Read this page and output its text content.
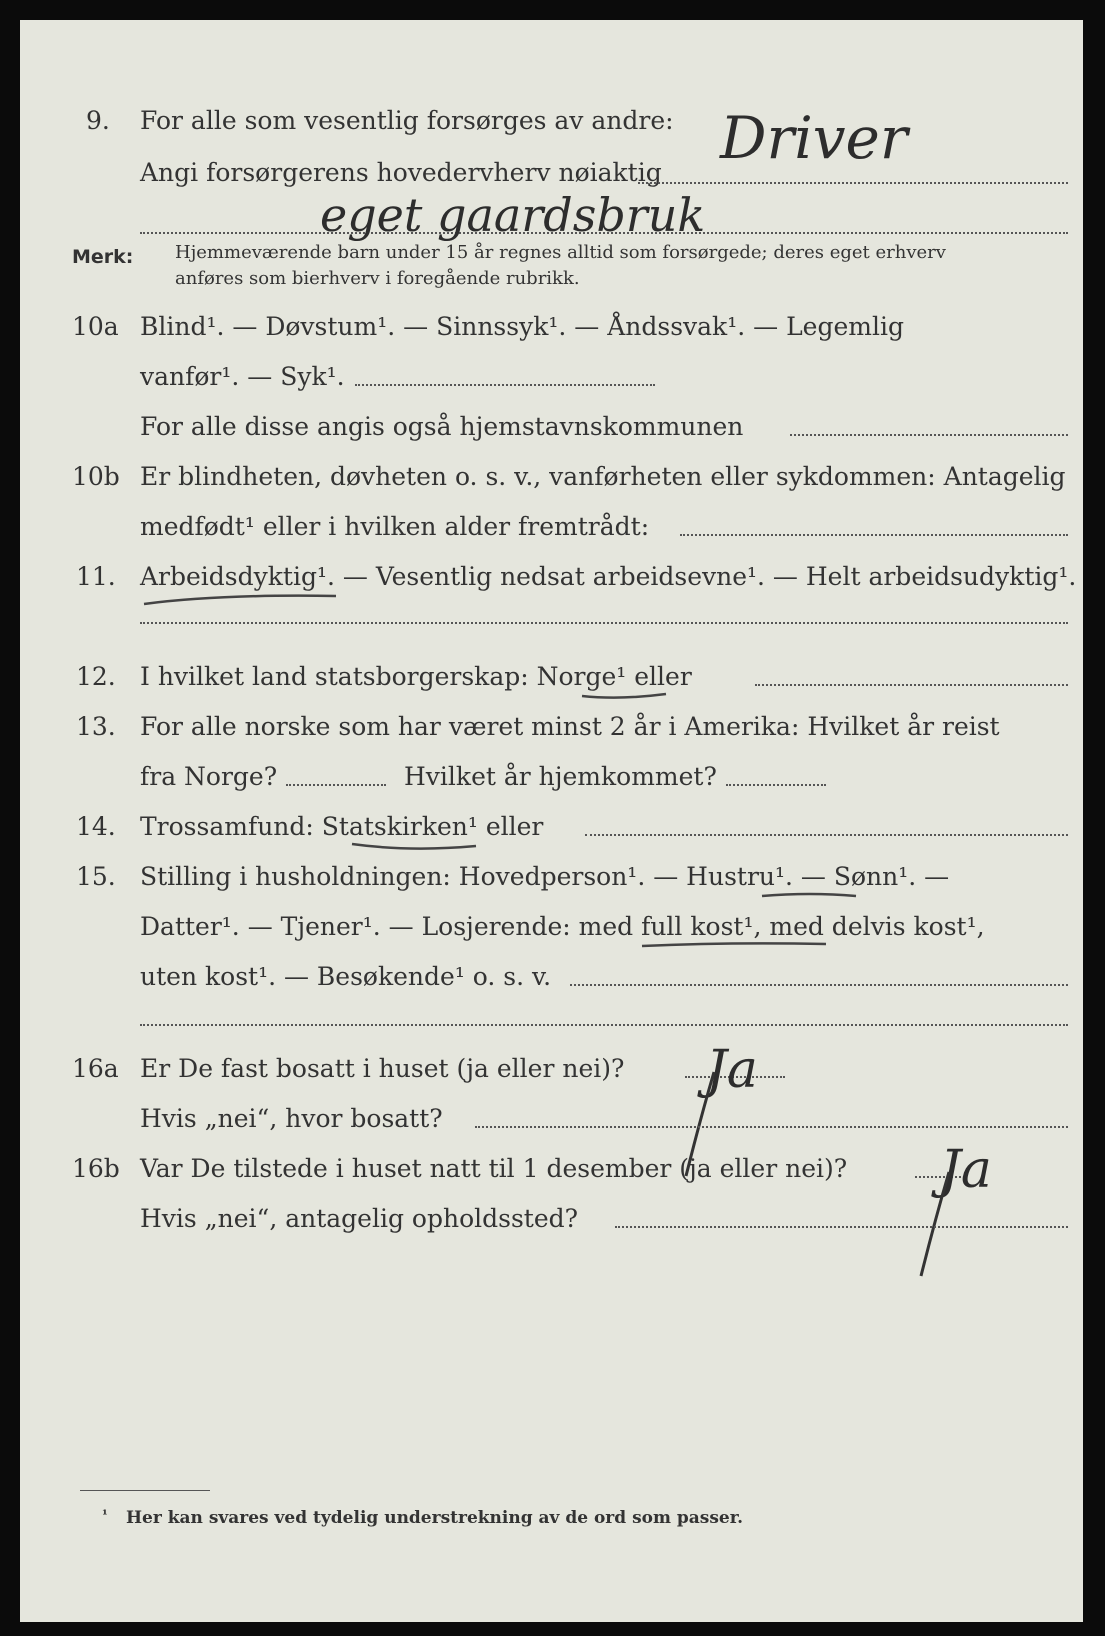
9. For alle som vesentlig forsørges av andre:
Angi forsørgerens hovedervherv nøiaktig
Driver
eget gaardsbruk
Merk: Hjemmeværende barn under 15 år regnes alltid som forsørgede; deres eget erhverv
anføres som bierhverv i foregående rubrikk.
10a Blind¹. — Døvstum¹. — Sinnssyk¹. — Åndssvak¹. — Legemlig
vanfør¹. — Syk¹.
For alle disse angis også hjemstavnskommunen
10b Er blindheten, døvheten o. s. v., vanførheten eller sykdommen: Antagelig
medfødt¹ eller i hvilken alder fremtrådt:
11. Arbeidsdyktig¹. — Vesentlig nedsat arbeidsevne¹. — Helt arbeidsudyktig¹.
12. I hvilket land statsborgerskap: Norge¹ eller
13. For alle norske som har været minst 2 år i Amerika: Hvilket år reist
fra Norge?	Hvilket år hjemkommet?
14. Trossamfund: Statskirken¹ eller
15. Stilling i husholdningen: Hovedperson¹. — Hustru¹. — Sønn¹. —
Datter¹. — Tjener¹. — Losjerende: med full kost¹, med delvis kost¹,
uten kost¹. — Besøkende¹ o. s. v.
16a Er De fast bosatt i huset (ja eller nei)? Ja
Hvis „nei“, hvor bosatt?
16b Var De tilstede i huset natt til 1 desember (ja eller nei)? Ja
Hvis „nei“, antagelig opholdssted?
¹ Her kan svares ved tydelig understrekning av de ord som passer.
